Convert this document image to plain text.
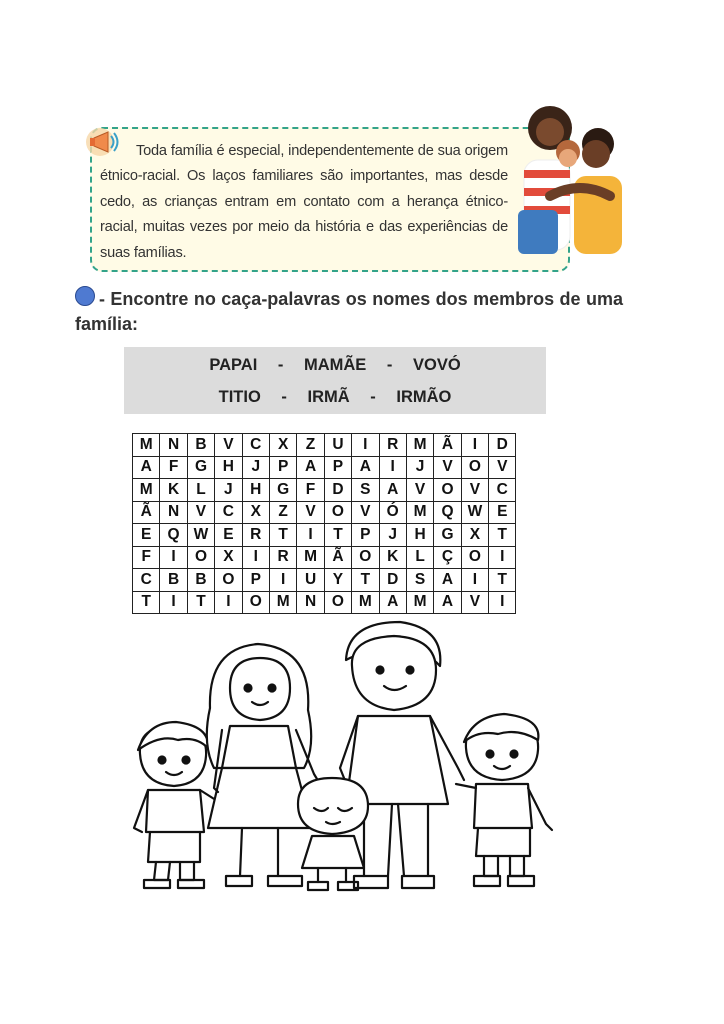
Toda família é especial, independentemente de sua origem étnico-racial. Os laços familiares são importantes, mas desde cedo, as crianças entram em contato com a herança étnico-racial, muitas vezes por meio da história e das experiências de suas famílias.

- Encontre no caça-palavras os nomes dos membros de uma família:

PAPAI - MAMÃE - VOVÓ
TITIO - IRMÃ - IRMÃO
M	N	B	V	C	X	Z	U	I	R	M	Ã	I	D
A	F	G	H	J	P	A	P	A	I	J	V	O	V
M	K	L	J	H	G	F	D	S	A	V	O	V	C
Ã	N	V	C	X	Z	V	O	V	Ó	M	Q	W	E
E	Q	W	E	R	T	I	T	P	J	H	G	X	T
F	I	O	X	I	R	M	Ã	O	K	L	Ç	O	I
C	B	B	O	P	I	U	Y	T	D	S	A	I	T
T	I	T	I	O	M	N	O	M	A	M	A	V	I
